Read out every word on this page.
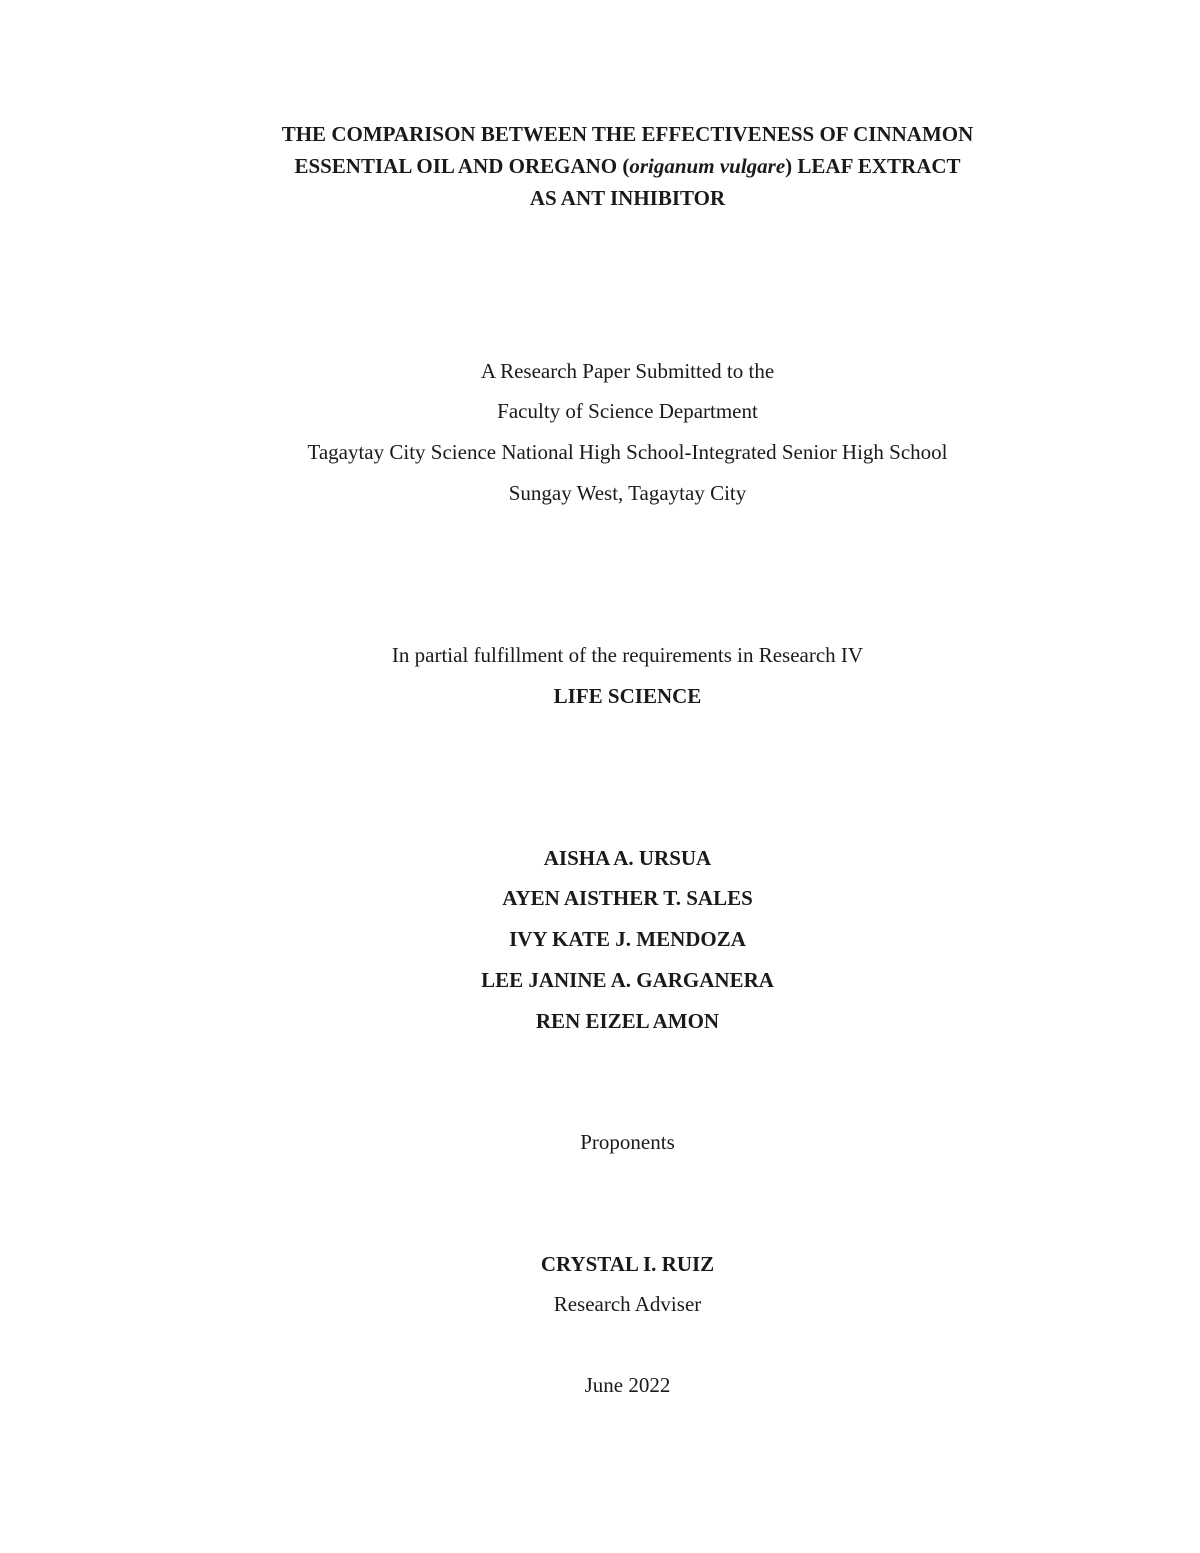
THE COMPARISON BETWEEN THE EFFECTIVENESS OF CINNAMON
ESSENTIAL OIL AND OREGANO (origanum vulgare) LEAF EXTRACT
AS ANT INHIBITOR
A Research Paper Submitted to the
Faculty of Science Department
Tagaytay City Science National High School-Integrated Senior High School
Sungay West, Tagaytay City
In partial fulfillment of the requirements in Research IV
LIFE SCIENCE
AISHA A. URSUA
AYEN AISTHER T. SALES
IVY KATE J. MENDOZA
LEE JANINE A. GARGANERA
REN EIZEL AMON
Proponents
CRYSTAL I. RUIZ
Research Adviser
June 2022
